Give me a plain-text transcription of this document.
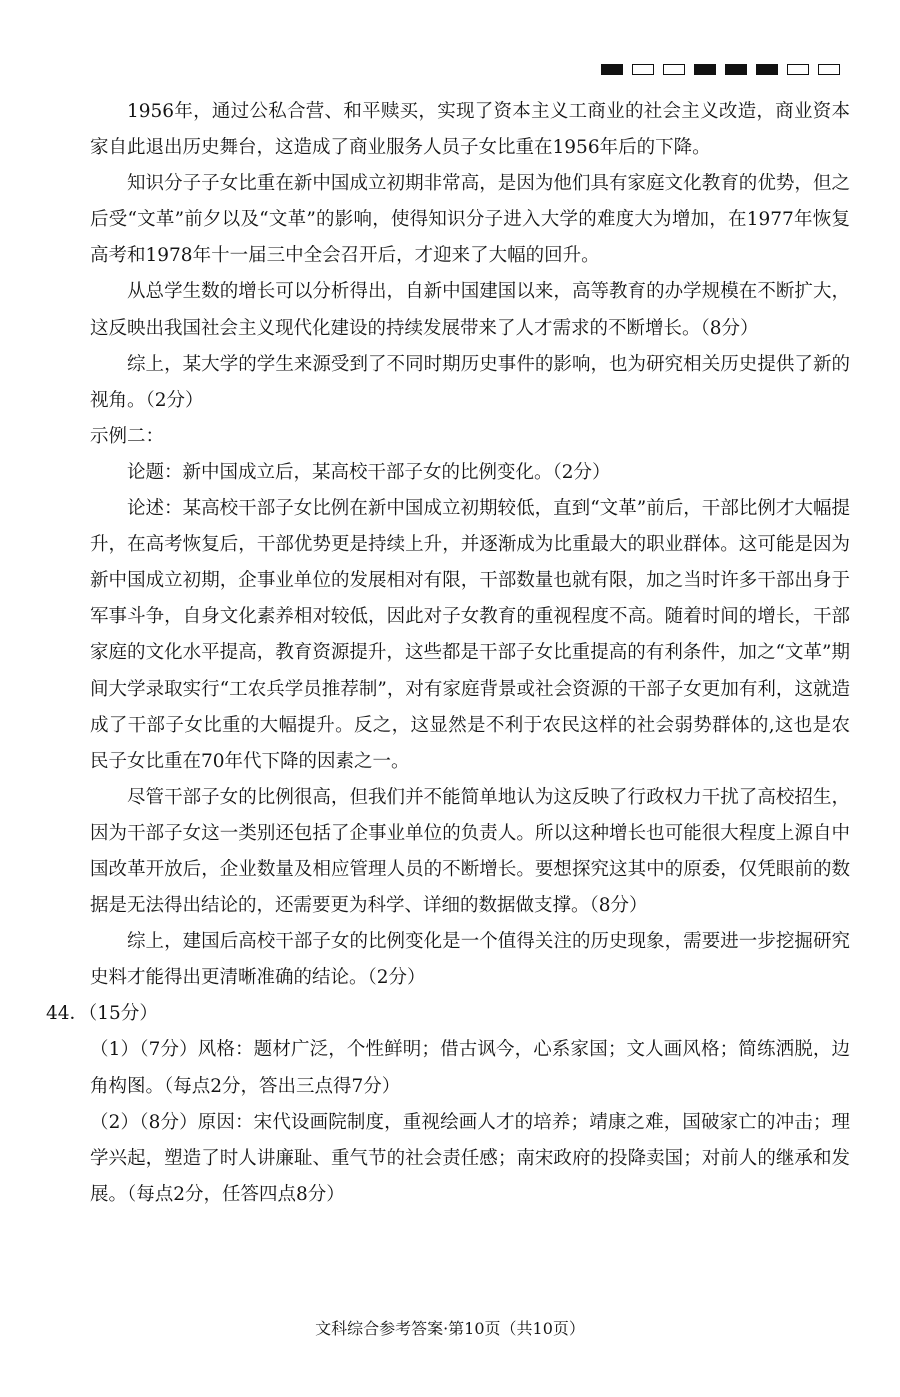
1956年，通过公私合营、和平赎买，实现了资本主义工商业的社会主义改造，商业资本家自此退出历史舞台，这造成了商业服务人员子女比重在1956年后的下降。

知识分子子女比重在新中国成立初期非常高，是因为他们具有家庭文化教育的优势，但之后受“文革”前夕以及“文革”的影响，使得知识分子进入大学的难度大为增加，在1977年恢复高考和1978年十一届三中全会召开后，才迎来了大幅的回升。

从总学生数的增长可以分析得出，自新中国建国以来，高等教育的办学规模在不断扩大，这反映出我国社会主义现代化建设的持续发展带来了人才需求的不断增长。（8分）

综上，某大学的学生来源受到了不同时期历史事件的影响，也为研究相关历史提供了新的视角。（2分）

示例二：

论题：新中国成立后，某高校干部子女的比例变化。（2分）

论述：某高校干部子女比例在新中国成立初期较低，直到“文革”前后，干部比例才大幅提升，在高考恢复后，干部优势更是持续上升，并逐渐成为比重最大的职业群体。这可能是因为新中国成立初期，企事业单位的发展相对有限，干部数量也就有限，加之当时许多干部出身于军事斗争，自身文化素养相对较低，因此对子女教育的重视程度不高。随着时间的增长，干部家庭的文化水平提高，教育资源提升，这些都是干部子女比重提高的有利条件，加之“文革”期间大学录取实行“工农兵学员推荐制”，对有家庭背景或社会资源的干部子女更加有利，这就造成了干部子女比重的大幅提升。反之，这显然是不利于农民这样的社会弱势群体的,这也是农民子女比重在70年代下降的因素之一。

尽管干部子女的比例很高，但我们并不能简单地认为这反映了行政权力干扰了高校招生，因为干部子女这一类别还包括了企事业单位的负责人。所以这种增长也可能很大程度上源自中国改革开放后，企业数量及相应管理人员的不断增长。要想探究这其中的原委，仅凭眼前的数据是无法得出结论的，还需要更为科学、详细的数据做支撑。（8分）

综上，建国后高校干部子女的比例变化是一个值得关注的历史现象，需要进一步挖掘研究史料才能得出更清晰准确的结论。（2分）

44．（15分）

（1）（7分）风格：题材广泛，个性鲜明；借古讽今，心系家国；文人画风格；简练洒脱，边角构图。（每点2分，答出三点得7分）

（2）（8分）原因：宋代设画院制度，重视绘画人才的培养；靖康之难，国破家亡的冲击；理学兴起，塑造了时人讲廉耻、重气节的社会责任感；南宋政府的投降卖国；对前人的继承和发展。（每点2分，任答四点8分）

文科综合参考答案·第10页（共10页）
